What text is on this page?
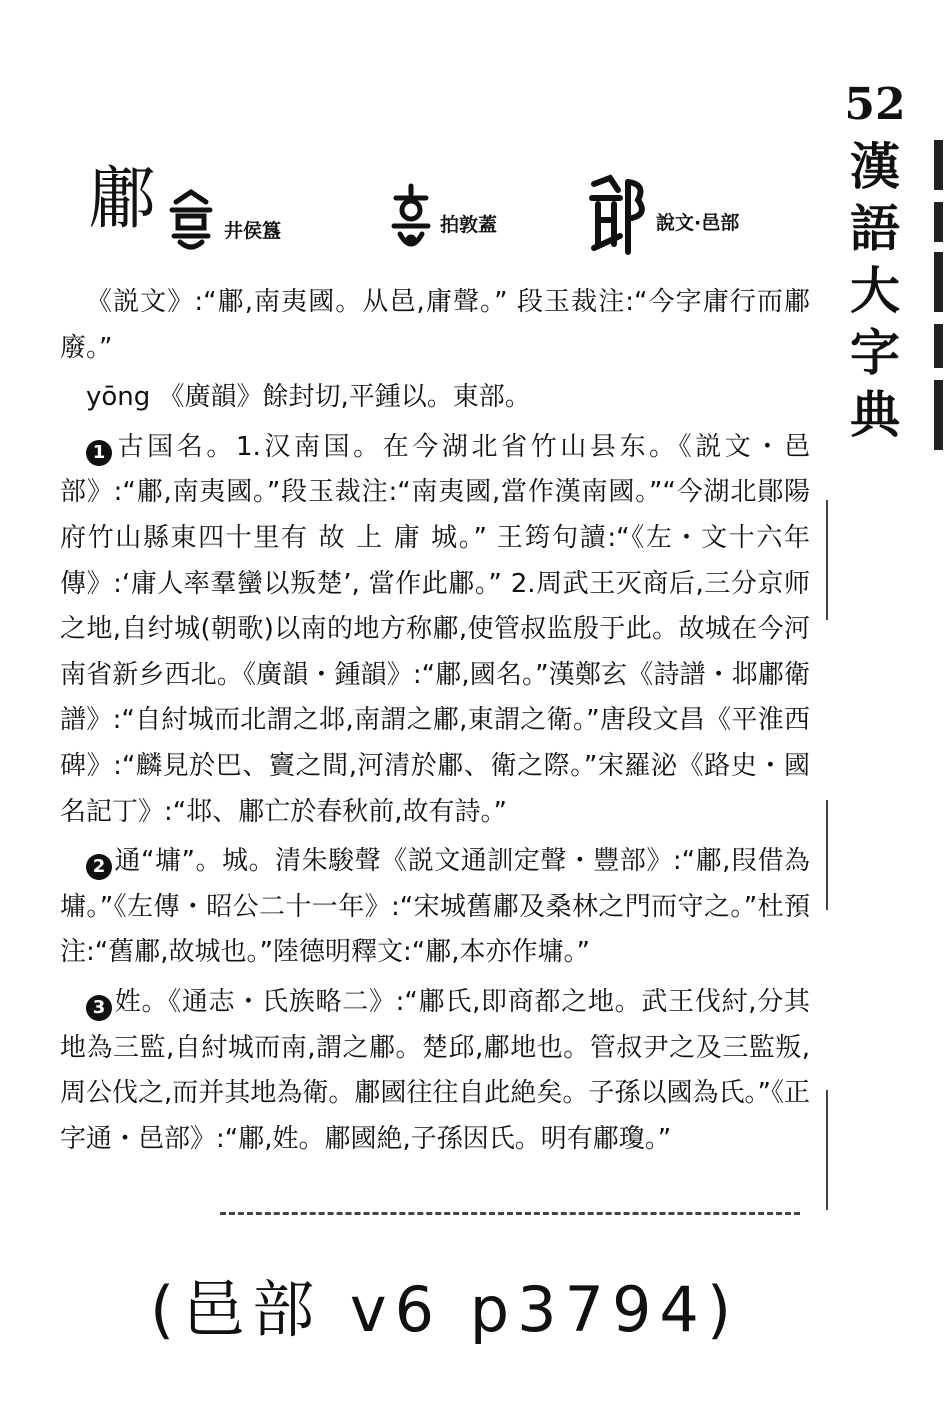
52
漢
語
大
字
典
鄘	井侯簋	拍敦蓋	說文·邑部

《説文》:“鄘,南夷國。从邑,庸聲。” 段玉裁注:“今字庸行而鄘廢。”

yōng 《廣韻》餘封切,平鍾以。東部。

1 古国名。1.汉南国。在今湖北省竹山县东。《説文・邑部》:“鄘,南夷國。”段玉裁注:“南夷國,當作漢南國。”“今湖北鄖陽府竹山縣東四十里有 故 上 庸 城。” 王筠句讀:“《左・文十六年傳》:‘庸人率羣蠻以叛楚’, 當作此鄘。” 2.周武王灭商后,三分京师之地,自纣城(朝歌)以南的地方称鄘,使管叔监殷于此。故城在今河南省新乡西北。《廣韻・鍾韻》:“鄘,國名。”漢鄭玄《詩譜・邶鄘衛譜》:“自紂城而北謂之邶,南謂之鄘,東謂之衛。”唐段文昌《平淮西碑》:“麟見於巴、竇之間,河清於鄘、衛之際。”宋羅泌《路史・國名記丁》:“邶、鄘亡於春秋前,故有詩。”

2 通“墉”。城。清朱駿聲《説文通訓定聲・豐部》:“鄘,叚借為墉。”《左傳・昭公二十一年》:“宋城舊鄘及桑林之門而守之。”杜預注:“舊鄘,故城也。”陸德明釋文:“鄘,本亦作墉。”

3 姓。《通志・氏族略二》:“鄘氏,即商都之地。武王伐紂,分其地為三監,自紂城而南,謂之鄘。楚邱,鄘地也。管叔尹之及三監叛,周公伐之,而并其地為衛。鄘國往往自此絶矣。子孫以國為氏。”《正字通・邑部》:“鄘,姓。鄘國絶,子孫因氏。明有鄘瓊。”

(邑部 v6 p3794)
